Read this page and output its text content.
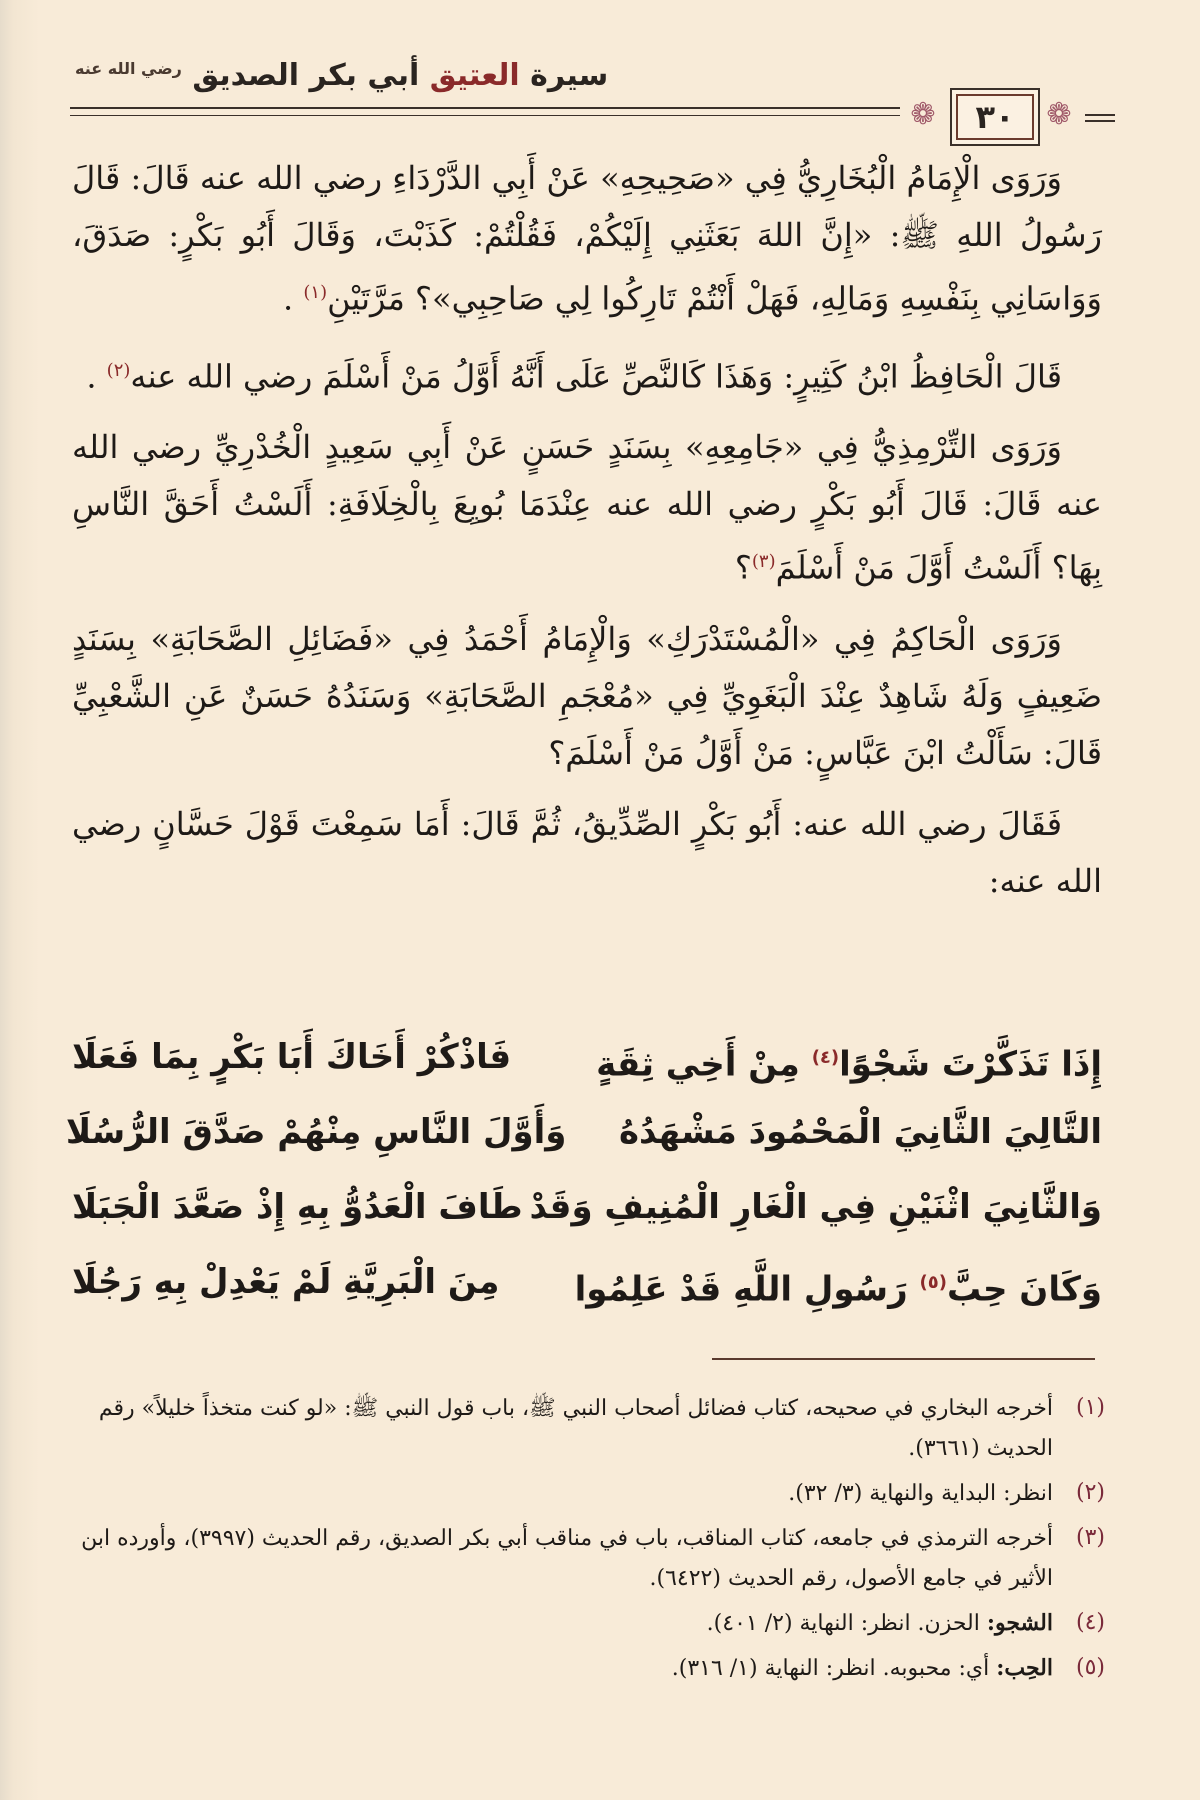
سيرة العتيق أبي بكر الصديق $^{رضي الله عنه}$
❁ ٣٠ ❁

وَرَوَى الْإِمَامُ الْبُخَارِيُّ فِي «صَحِيحِهِ» عَنْ أَبِي الدَّرْدَاءِ رضي الله عنه قَالَ: قَالَ رَسُولُ اللهِ ﷺ: «إِنَّ اللهَ بَعَثَنِي إِلَيْكُمْ، فَقُلْتُمْ: كَذَبْتَ، وَقَالَ أَبُو بَكْرٍ: صَدَقَ، وَوَاسَانِي بِنَفْسِهِ وَمَالِهِ، فَهَلْ أَنْتُمْ تَارِكُوا لِي صَاحِبِي»؟ مَرَّتَيْنِ$^{(١)}$ .

قَالَ الْحَافِظُ ابْنُ كَثِيرٍ: وَهَذَا كَالنَّصِّ عَلَى أَنَّهُ أَوَّلُ مَنْ أَسْلَمَ رضي الله عنه$^{(٢)}$ .

وَرَوَى التِّرْمِذِيُّ فِي «جَامِعِهِ» بِسَنَدٍ حَسَنٍ عَنْ أَبِي سَعِيدٍ الْخُدْرِيِّ رضي الله عنه قَالَ: قَالَ أَبُو بَكْرٍ رضي الله عنه عِنْدَمَا بُويِعَ بِالْخِلَافَةِ: أَلَسْتُ أَحَقَّ النَّاسِ بِهَا؟ أَلَسْتُ أَوَّلَ مَنْ أَسْلَمَ$^{(٣)}$؟

وَرَوَى الْحَاكِمُ فِي «الْمُسْتَدْرَكِ» وَالْإِمَامُ أَحْمَدُ فِي «فَضَائِلِ الصَّحَابَةِ» بِسَنَدٍ ضَعِيفٍ وَلَهُ شَاهِدٌ عِنْدَ الْبَغَوِيِّ فِي «مُعْجَمِ الصَّحَابَةِ» وَسَنَدُهُ حَسَنٌ عَنِ الشَّعْبِيِّ قَالَ: سَأَلْتُ ابْنَ عَبَّاسٍ: مَنْ أَوَّلُ مَنْ أَسْلَمَ؟

فَقَالَ رضي الله عنه: أَبُو بَكْرٍ الصِّدِّيقُ، ثُمَّ قَالَ: أَمَا سَمِعْتَ قَوْلَ حَسَّانٍ رضي الله عنه:

إِذَا تَذَكَّرْتَ شَجْوًا$^{(٤)}$ مِنْ أَخِي ثِقَةٍ
فَاذْكُرْ أَخَاكَ أَبَا بَكْرٍ بِمَا فَعَلَا
التَّالِيَ الثَّانِيَ الْمَحْمُودَ مَشْهَدُهُ
وَأَوَّلَ النَّاسِ مِنْهُمْ صَدَّقَ الرُّسُلَا
وَالثَّانِيَ اثْنَيْنِ فِي الْغَارِ الْمُنِيفِ وَقَدْ
طَافَ الْعَدُوُّ بِهِ إِذْ صَعَّدَ الْجَبَلَا
وَكَانَ حِبَّ$^{(٥)}$ رَسُولِ اللَّهِ قَدْ عَلِمُوا
مِنَ الْبَرِيَّةِ لَمْ يَعْدِلْ بِهِ رَجُلَا
(١)
أخرجه البخاري في صحيحه، كتاب فضائل أصحاب النبي ﷺ، باب قول النبي ﷺ: «لو كنت متخذاً خليلاً» رقم الحديث (٣٦٦١).
(٢)
انظر: البداية والنهاية (٣/ ٣٢).
(٣)
أخرجه الترمذي في جامعه، كتاب المناقب، باب في مناقب أبي بكر الصديق، رقم الحديث (٣٩٩٧)، وأورده ابن الأثير في جامع الأصول، رقم الحديث (٦٤٢٢).
(٤)
الشجو: الحزن. انظر: النهاية (٢/ ٤٠١).
(٥)
الحِب: أي: محبوبه. انظر: النهاية (١/ ٣١٦).
